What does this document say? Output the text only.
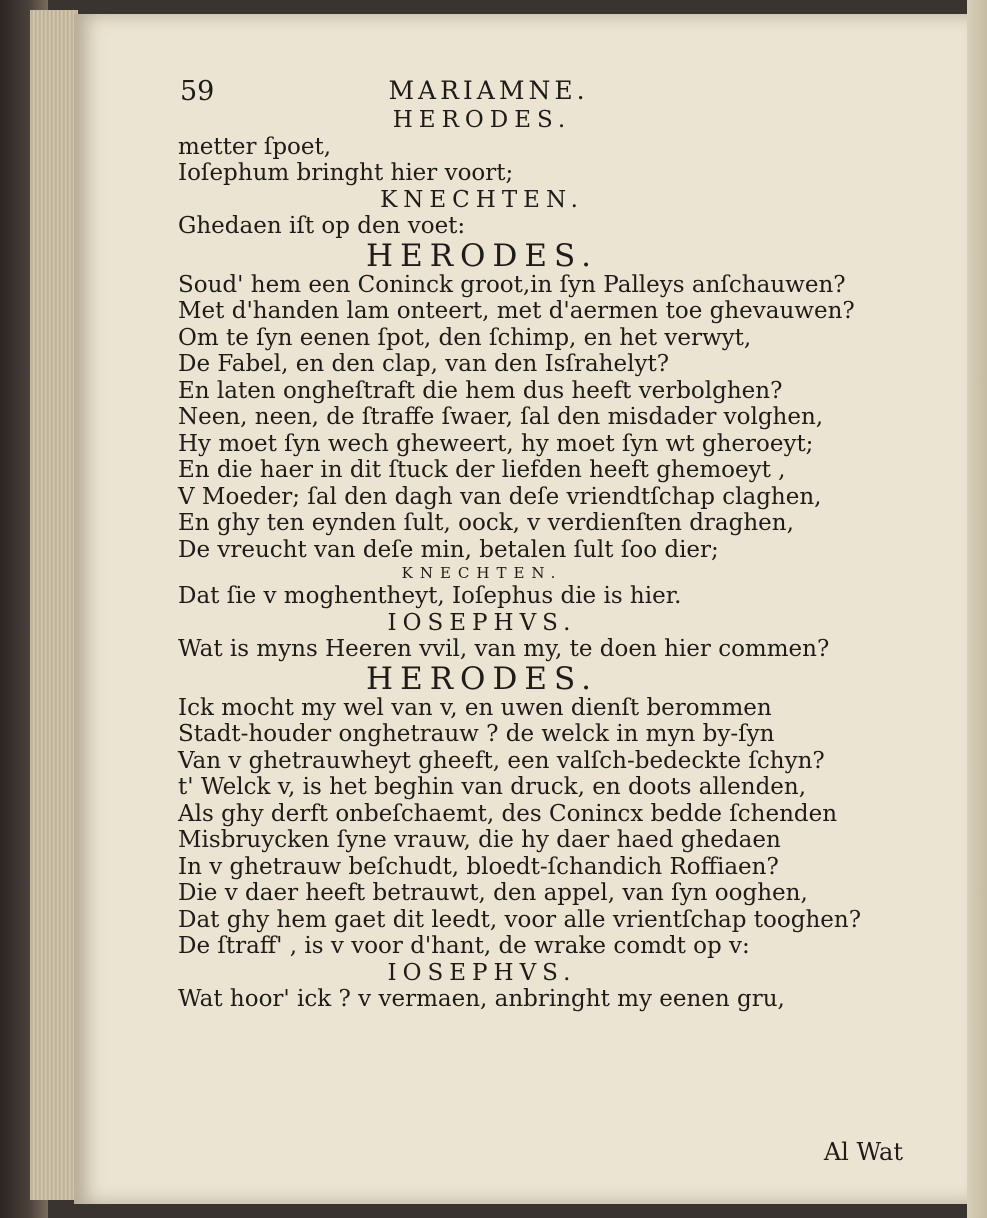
59	MARIAMNE.
HERODES.
metter ſpoet,
Ioſephum bringht hier voort;
KNECHTEN.
Ghedaen iſt op den voet:
HERODES.
Soud' hem een Coninck groot,in ſyn Palleys anſchauwen?
Met d'handen lam onteert, met d'aermen toe ghevauwen?
Om te ſyn eenen ſpot, den ſchimp, en het verwyt,
De Fabel, en den clap, van den Isſrahelyt?
En laten ongheſtraft die hem dus heeft verbolghen?
Neen, neen, de ſtraffe ſwaer, ſal den misdader volghen,
Hy moet ſyn wech gheweert, hy moet ſyn wt gheroeyt;
En die haer in dit ſtuck der liefden heeft ghemoeyt ,
V Moeder; ſal den dagh van deſe vriendtſchap claghen,
En ghy ten eynden ſult, oock, v verdienſten draghen,
De vreucht van deſe min, betalen ſult ſoo dier;
KNECHTEN.
Dat ſie v moghentheyt, Ioſephus die is hier.
IOSEPHVS.
Wat is myns Heeren vvil, van my, te doen hier commen?
HERODES.
Ick mocht my wel van v, en uwen dienſt berommen
Stadt-houder onghetrauw ? de welck in myn by-ſyn
Van v ghetrauwheyt gheeft, een valſch-bedeckte ſchyn?
t' Welck v, is het beghin van druck, en doots allenden,
Als ghy derft onbeſchaemt, des Conincx bedde ſchenden
Misbruycken ſyne vrauw, die hy daer haed ghedaen
In v ghetrauw beſchudt, bloedt-ſchandich Roffiaen?
Die v daer heeft betrauwt, den appel, van ſyn ooghen,
Dat ghy hem gaet dit leedt, voor alle vrientſchap tooghen?
De ſtraff' , is v voor d'hant, de wrake comdt op v:
IOSEPHVS.
Wat hoor' ick ? v vermaen, anbringht my eenen gru,
Al Wat
